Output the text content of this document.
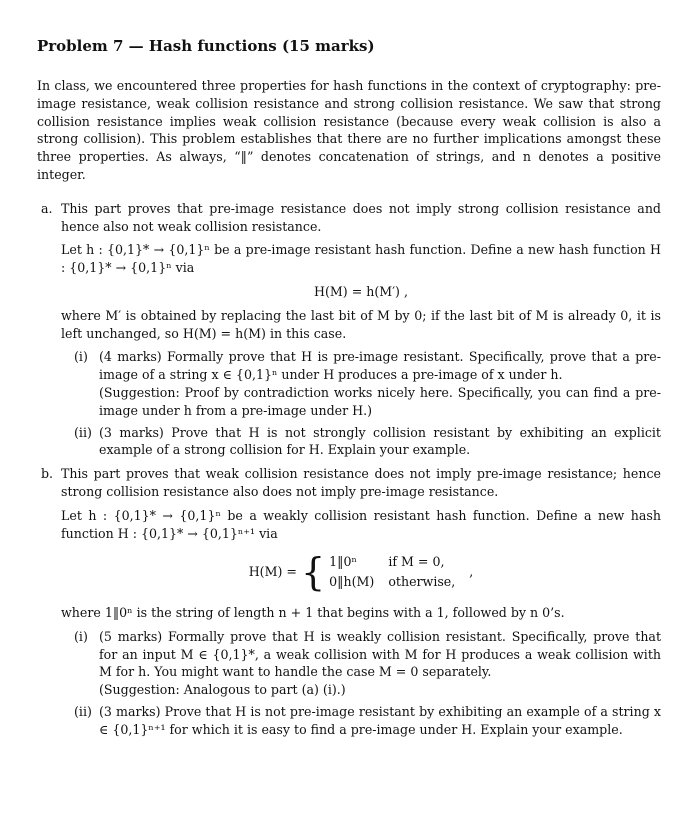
Problem 7 — Hash functions (15 marks)

In class, we encountered three properties for hash functions in the context of cryptography: pre-image resistance, weak collision resistance and strong collision resistance. We saw that strong collision resistance implies weak collision resistance (because every weak collision is also a strong collision). This problem establishes that there are no further implications amongst these three properties. As always, “‖” denotes concatenation of strings, and n denotes a positive integer.

a. This part proves that pre-image resistance does not imply strong collision resistance and hence also not weak collision resistance.

Let h : {0,1}* → {0,1}ⁿ be a pre-image resistant hash function. Define a new hash function H : {0,1}* → {0,1}ⁿ via

H(M) = h(M′) ,

where M′ is obtained by replacing the last bit of M by 0; if the last bit of M is already 0, it is left unchanged, so H(M) = h(M) in this case.

(i) (4 marks) Formally prove that H is pre-image resistant. Specifically, prove that a pre-image of a string x ∈ {0,1}ⁿ under H produces a pre-image of x under h.

(Suggestion: Proof by contradiction works nicely here. Specifically, you can find a pre-image under h from a pre-image under H.)

(ii) (3 marks) Prove that H is not strongly collision resistant by exhibiting an explicit example of a strong collision for H. Explain your example.

b. This part proves that weak collision resistance does not imply pre-image resistance; hence strong collision resistance also does not imply pre-image resistance.

Let h : {0,1}* → {0,1}ⁿ be a weakly collision resistant hash function. Define a new hash function H : {0,1}* → {0,1}ⁿ⁺¹ via

H(M) = { 1‖0ⁿ	if M = 0,
0‖h(M)	otherwise,
,

where 1‖0ⁿ is the string of length n + 1 that begins with a 1, followed by n 0’s.

(i) (5 marks) Formally prove that H is weakly collision resistant. Specifically, prove that for an input M ∈ {0,1}*, a weak collision with M for H produces a weak collision with M for h. You might want to handle the case M = 0 separately.

(Suggestion: Analogous to part (a) (i).)

(ii) (3 marks) Prove that H is not pre-image resistant by exhibiting an example of a string x ∈ {0,1}ⁿ⁺¹ for which it is easy to find a pre-image under H. Explain your example.
